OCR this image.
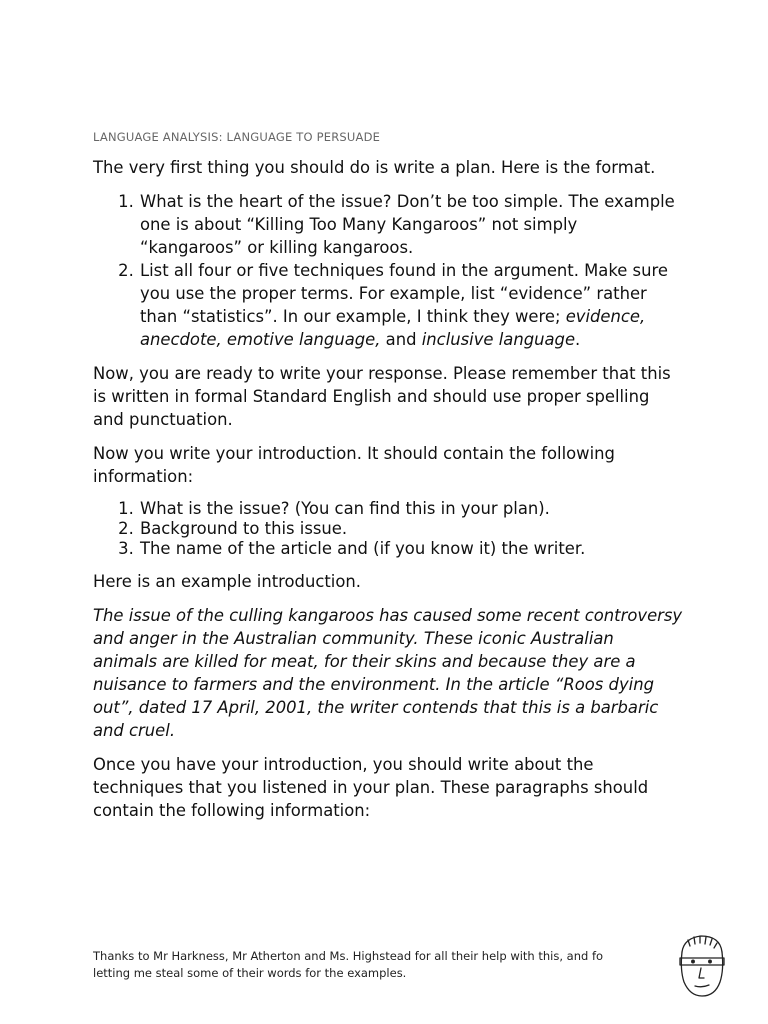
LANGUAGE ANALYSIS: LANGUAGE TO PERSUADE

The very first thing you should do is write a plan. Here is the format.

1. What is the heart of the issue? Don’t be too simple. The example one is about “Killing Too Many Kangaroos” not simply “kangaroos” or killing kangaroos.
2. List all four or five techniques found in the argument. Make sure you use the proper terms. For example, list “evidence” rather than “statistics”. In our example, I think they were; evidence, anecdote, emotive language, and inclusive language.

Now, you are ready to write your response. Please remember that this is written in formal Standard English and should use proper spelling and punctuation.

Now you write your introduction. It should contain the following information:

1. What is the issue? (You can find this in your plan).
2. Background to this issue.
3. The name of the article and (if you know it) the writer.

Here is an example introduction.

The issue of the culling kangaroos has caused some recent controversy and anger in the Australian community. These iconic Australian animals are killed for meat, for their skins and because they are a nuisance to farmers and the environment. In the article “Roos dying out”, dated 17 April, 2001, the writer contends that this is a barbaric and cruel.

Once you have your introduction, you should write about the techniques that you listened in your plan. These paragraphs should contain the following information:

Thanks to Mr Harkness, Mr Atherton and Ms. Highstead for all their help with this, and fo
letting me steal some of their words for the examples.
